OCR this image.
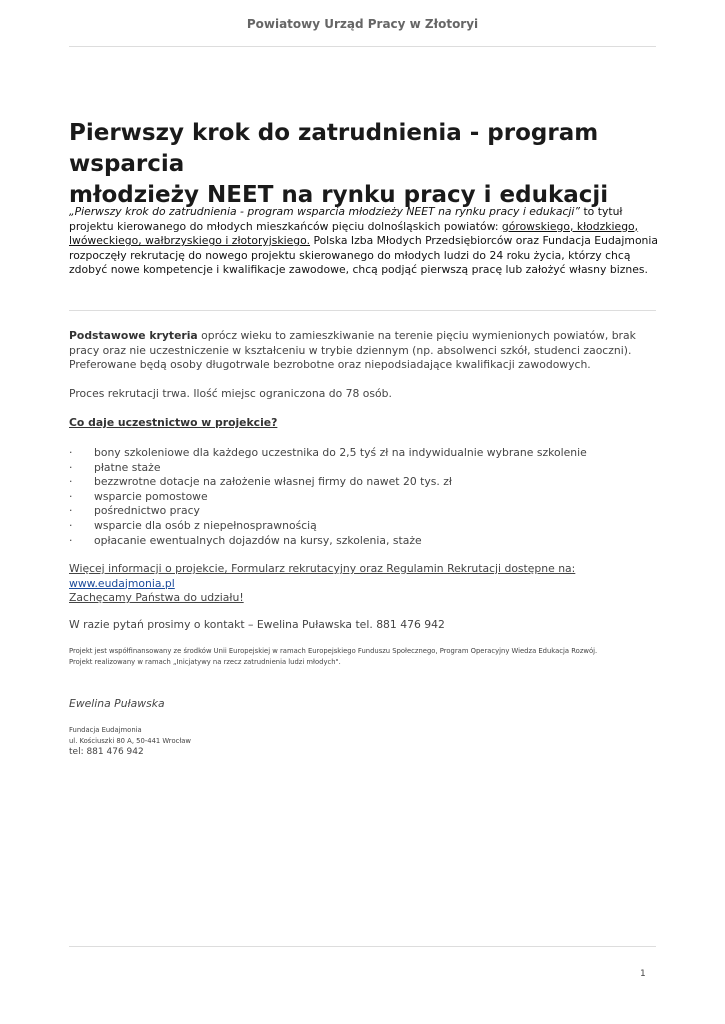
Powiatowy Urząd Pracy w Złotoryi
Pierwszy krok do zatrudnienia - program wsparcia
młodzieży NEET na rynku pracy i edukacji

„Pierwszy krok do zatrudnienia - program wsparcia młodzieży NEET na rynku pracy i edukacji” to tytuł projektu kierowanego do młodych mieszkańców pięciu dolnośląskich powiatów: górowskiego, kłodzkiego, lwóweckiego, wałbrzyskiego i złotoryjskiego. Polska Izba Młodych Przedsiębiorców oraz Fundacja Eudajmonia rozpoczęły rekrutację do nowego projektu skierowanego do młodych ludzi do 24 roku życia, którzy chcą zdobyć nowe kompetencje i kwalifikacje zawodowe, chcą podjąć pierwszą pracę lub założyć własny biznes.

Podstawowe kryteria oprócz wieku to zamieszkiwanie na terenie pięciu wymienionych powiatów, brak pracy oraz nie uczestniczenie w kształceniu w trybie dziennym (np. absolwenci szkół, studenci zaoczni).

Preferowane będą osoby długotrwale bezrobotne oraz niepodsiadające kwalifikacji zawodowych.

Proces rekrutacji trwa. Ilość miejsc ograniczona do 78 osób.
Co daje uczestnictwo w projekcie?
·	bony szkoleniowe dla każdego uczestnika do 2,5 tyś zł na indywidualnie wybrane szkolenie
·	płatne staże
·	bezzwrotne dotacje na założenie własnej firmy do nawet 20 tys. zł
·	wsparcie pomostowe
·	pośrednictwo pracy
·	wsparcie dla osób z niepełnosprawnością
·	opłacanie ewentualnych dojazdów na kursy, szkolenia, staże

Więcej informacji o projekcie, Formularz rekrutacyjny oraz Regulamin Rekrutacji dostępne na: www.eudajmonia.pl

Zachęcamy Państwa do udziału!

W razie pytań prosimy o kontakt – Ewelina Puławska tel. 881 476 942

Projekt jest współfinansowany ze środków Unii Europejskiej w ramach Europejskiego Funduszu Społecznego, Program Operacyjny Wiedza Edukacja Rozwój.

Projekt realizowany w ramach „Inicjatywy na rzecz zatrudnienia ludzi młodych".

Ewelina Puławska

Fundacja Eudajmonia

ul. Kościuszki 80 A, 50-441 Wrocław

tel: 881 476 942

1
